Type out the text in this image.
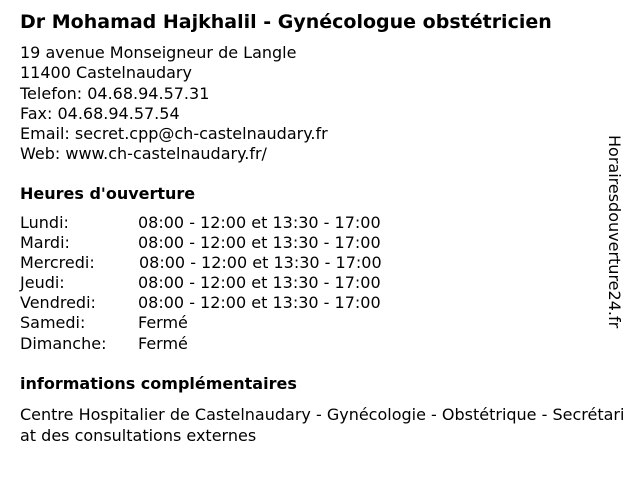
Dr Mohamad Hajkhalil - Gynécologue obstétricien
19 avenue Monseigneur de Langle
11400 Castelnaudary
Telefon: 04.68.94.57.31
Fax: 04.68.94.57.54
Email: secret.cpp@ch-castelnaudary.fr
Web: www.ch-castelnaudary.fr/
Heures d'ouverture
Lundi:	08:00 - 12:00 et 13:30 - 17:00
Mardi:	08:00 - 12:00 et 13:30 - 17:00
Mercredi:	08:00 - 12:00 et 13:30 - 17:00
Jeudi:	08:00 - 12:00 et 13:30 - 17:00
Vendredi:	08:00 - 12:00 et 13:30 - 17:00
Samedi:	Fermé
Dimanche: Fermé
informations complémentaires
Centre Hospitalier de Castelnaudary - Gynécologie - Obstétrique - Secrétariat des consultations externes
Horairesdouverture24.fr
